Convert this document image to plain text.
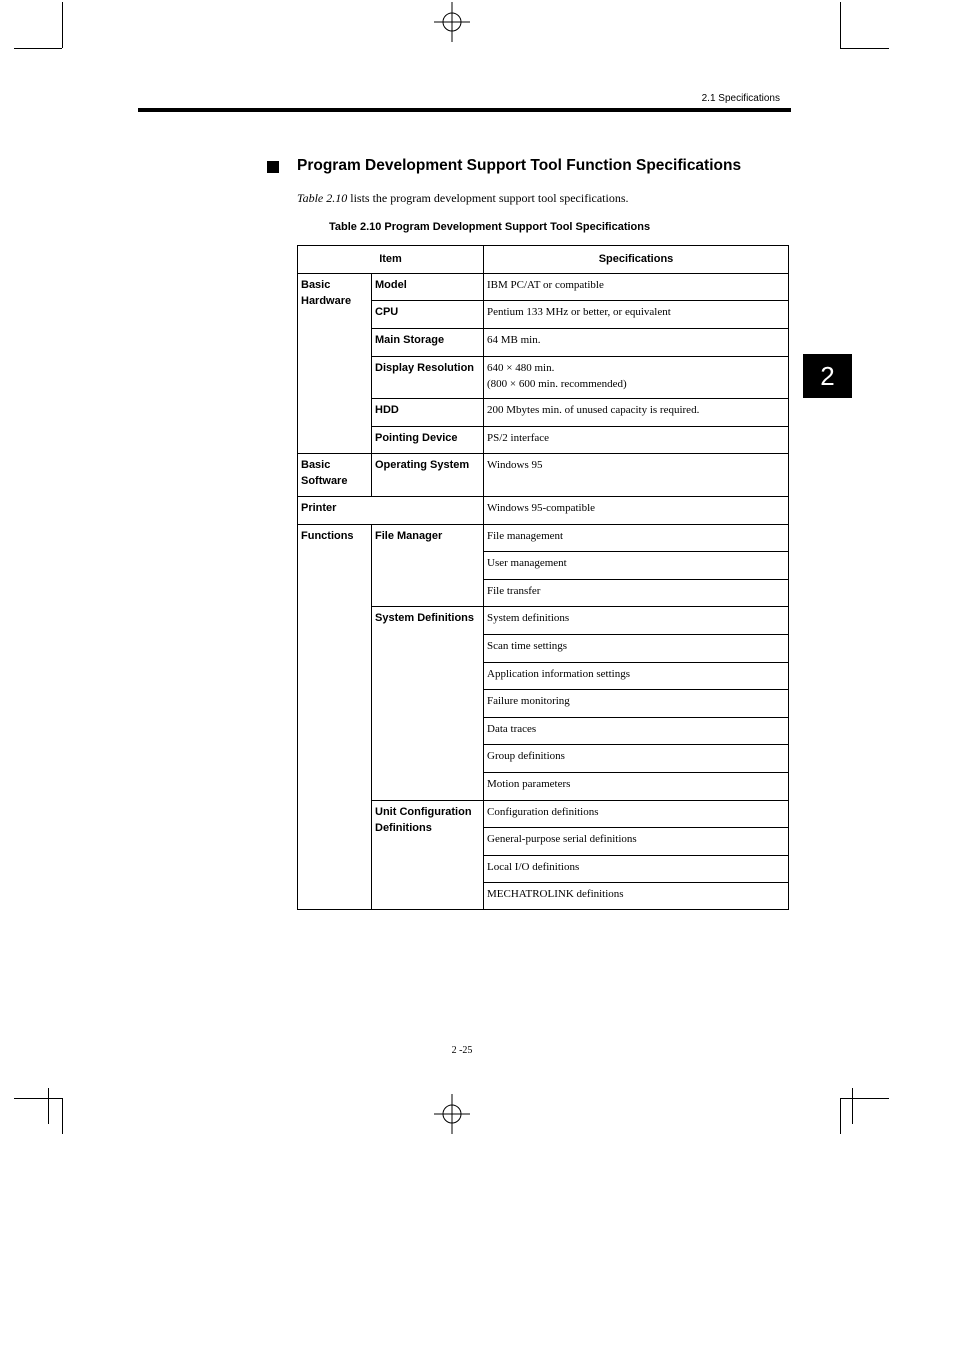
2.1 Specifications
2
Program Development Support Tool Function Specifications
Table 2.10 lists the program development support tool specifications.
Table 2.10 Program Development Support Tool Specifications
Item		Specifications
Basic Hardware	Model	IBM PC/AT or compatible
	CPU	Pentium 133 MHz or better, or equivalent
	Main Storage	64 MB min.
	Display Resolution	640 × 480 min.
(800 × 600 min. recommended)

	HDD	200 Mbytes min. of unused capacity is required.
	Pointing Device	PS/2 interface
Basic Software	Operating System	Windows 95
Printer		Windows 95-compatible
Functions	File Manager	File management
		User management
		File transfer
	System Definitions	System definitions
		Scan time settings
		Application information settings
		Failure monitoring
		Data traces
		Group definitions
		Motion parameters
	Unit Configuration Definitions	Configuration definitions
		General-purpose serial definitions
		Local I/O definitions
		MECHATROLINK definitions
2 -25
